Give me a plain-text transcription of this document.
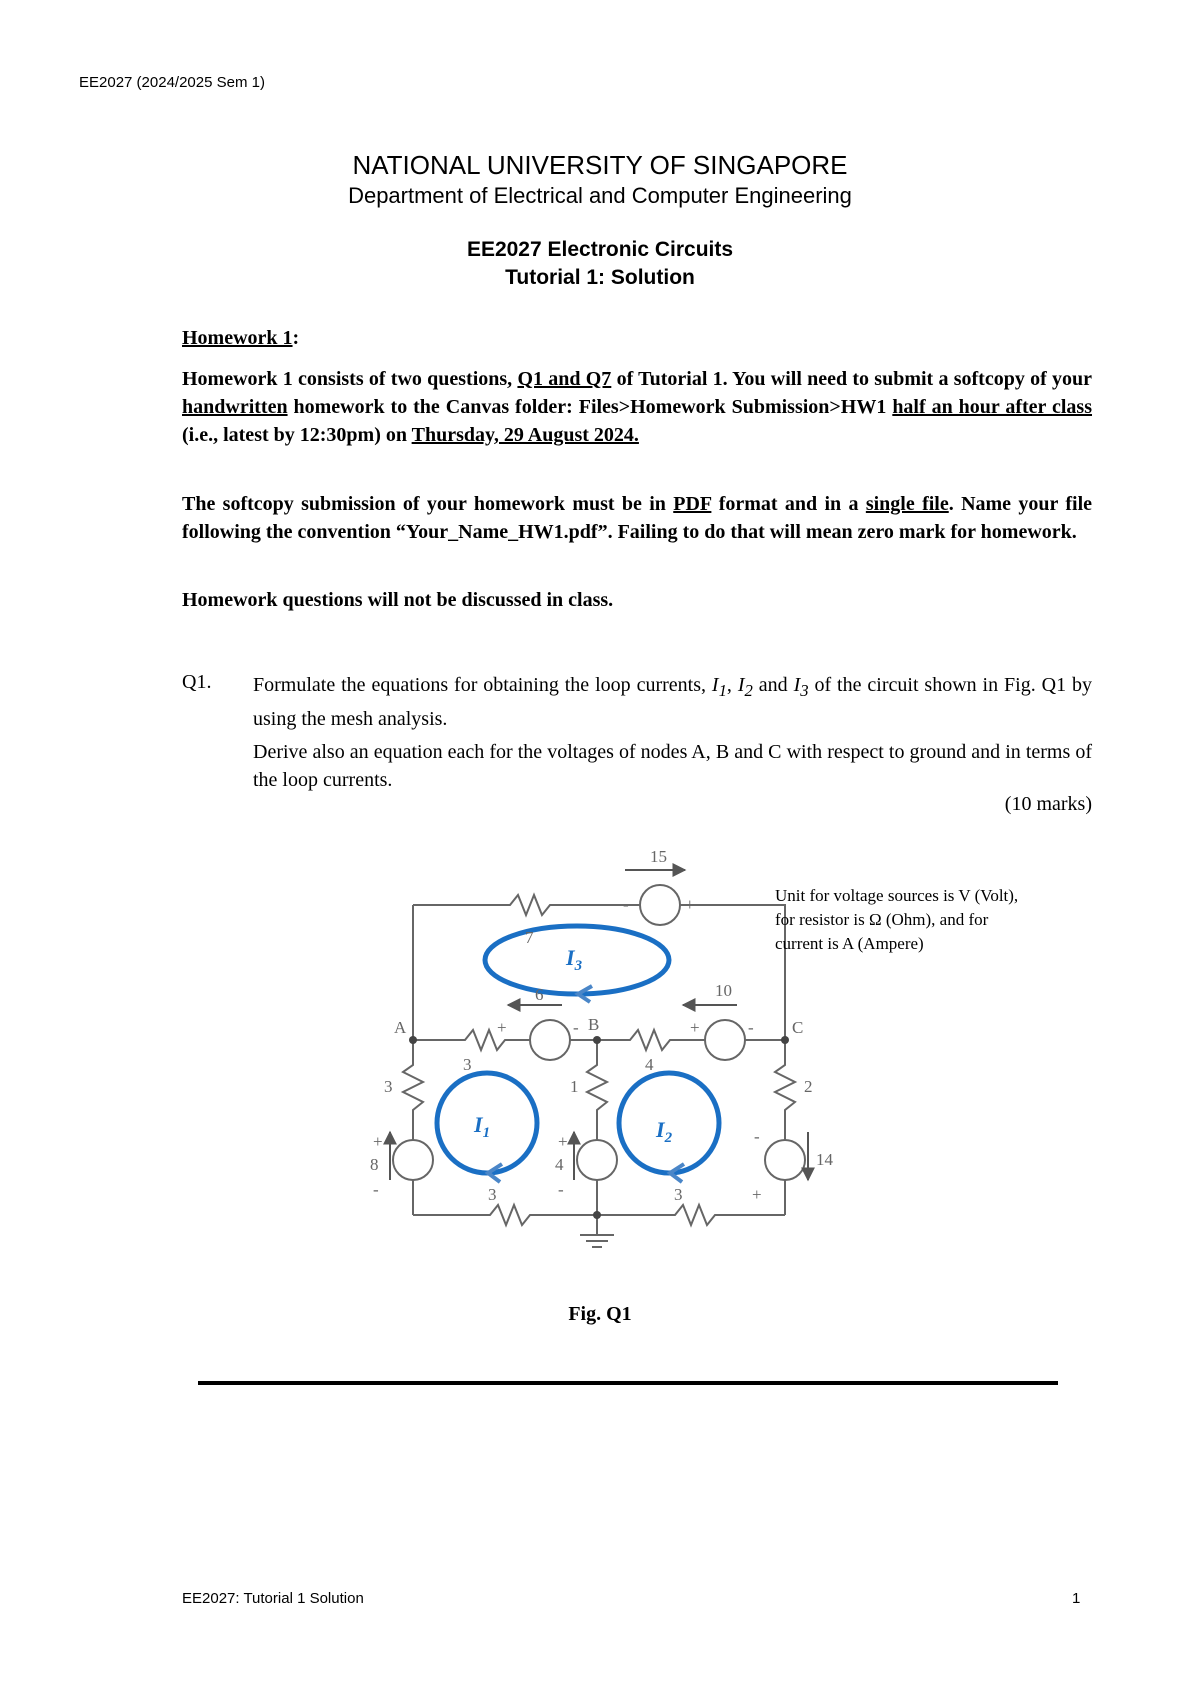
EE2027 (2024/2025 Sem 1)
NATIONAL UNIVERSITY OF SINGAPORE
Department of Electrical and Computer Engineering
EE2027 Electronic Circuits
Tutorial 1: Solution
Homework 1:
Homework 1 consists of two questions, Q1 and Q7 of Tutorial 1. You will need to submit a softcopy of your handwritten homework to the Canvas folder: Files>Homework Submission>HW1 half an hour after class (i.e., latest by 12:30pm) on Thursday, 29 August 2024.
The softcopy submission of your homework must be in PDF format and in a single file. Name your file following the convention “Your_Name_HW1.pdf”. Failing to do that will mean zero mark for homework.
Homework questions will not be discussed in class.
Q1. Formulate the equations for obtaining the loop currents, $I_1$, $I_2$ and $I_3$ of the circuit shown in Fig. Q1 by using the mesh analysis.
Derive also an equation each for the voltages of nodes A, B and C with respect to ground and in terms of the loop currents.
(10 marks)
15
-	+
7
6	10
A	B	C
+	-	+	-
3	4
3	1	2
+
8
-
+
4
-
-
14
+
3	3
$I_1$	$I_2$
$I_3$
Unit for voltage sources is V (Volt), for resistor is Ω (Ohm), and for current is A (Ampere)
Fig. Q1
EE2027: Tutorial 1 Solution	1
